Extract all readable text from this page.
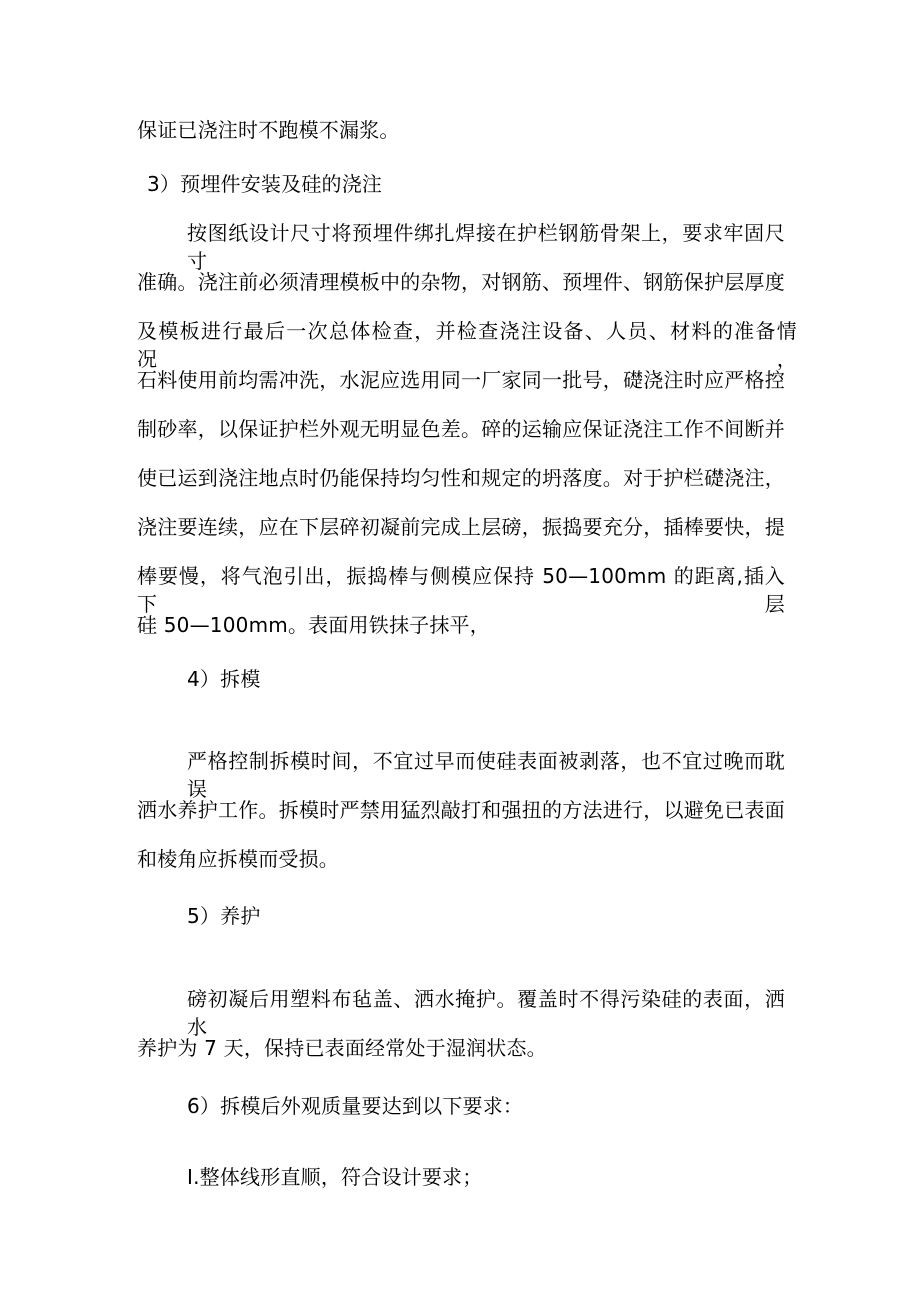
保证已浇注时不跑模不漏浆。
3）预埋件安装及硅的浇注
按图纸设计尺寸将预埋件绑扎焊接在护栏钢筋骨架上，要求牢固尺寸
准确。浇注前必须清理模板中的杂物，对钢筋、预埋件、钢筋保护层厚度
及模板进行最后一次总体检查，并检查浇注设备、人员、材料的准备情况，
石料使用前均需冲洗，水泥应选用同一厂家同一批号，礎浇注时应严格控
制砂率，以保证护栏外观无明显色差。碎的运输应保证浇注工作不间断并
使已运到浇注地点时仍能保持均匀性和规定的坍落度。对于护栏礎浇注，
浇注要连续，应在下层碎初凝前完成上层磅，振捣要充分，插棒要快，提
棒要慢，将气泡引出，振捣棒与侧模应保持 50—100mm 的距离,插入下层
硅 50—100mm。表面用铁抹子抹平，
4）拆模
严格控制拆模时间，不宜过早而使硅表面被剥落，也不宜过晚而耽误
洒水养护工作。拆模时严禁用猛烈敲打和强扭的方法进行，以避免已表面
和棱角应拆模而受损。
5）养护
磅初凝后用塑料布毡盖、洒水掩护。覆盖时不得污染硅的表面，洒水
养护为 7 天，保持已表面经常处于湿润状态。
6）拆模后外观质量要达到以下要求：
I.整体线形直顺，符合设计要求；
